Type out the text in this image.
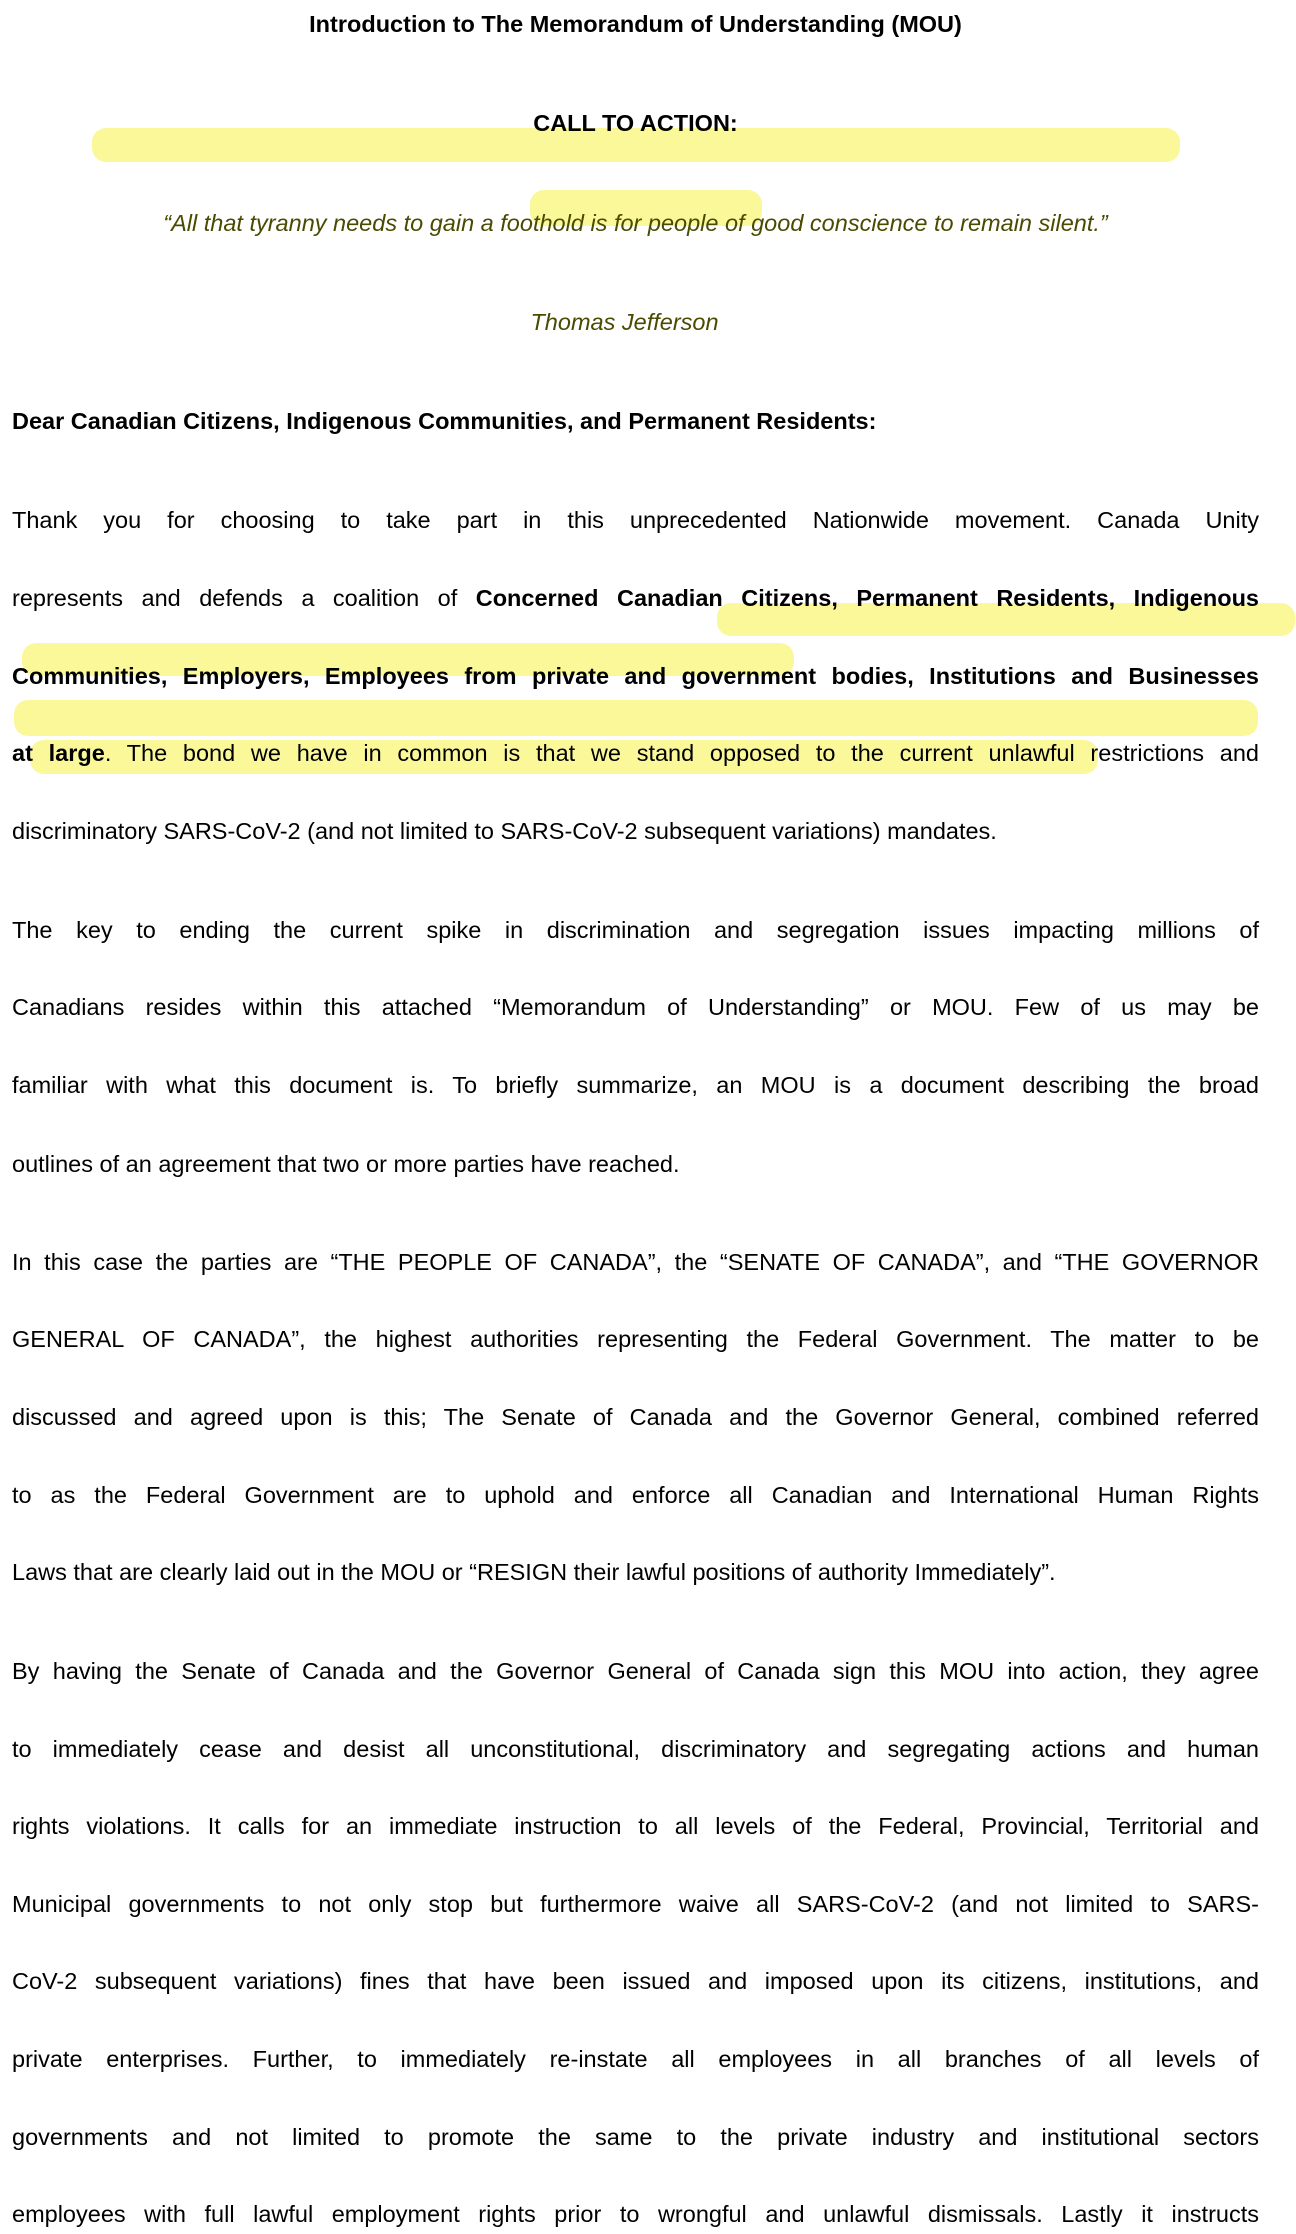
Introduction to The Memorandum of Understanding (MOU)
CALL TO ACTION:
“All that tyranny needs to gain a foothold is for people of good conscience to remain silent.”
Thomas Jefferson
Dear Canadian Citizens, Indigenous Communities, and Permanent Residents:
Thank you for choosing to take part in this unprecedented Nationwide movement. Canada Unity
represents and defends a coalition of Concerned Canadian Citizens, Permanent Residents, Indigenous
Communities, Employers, Employees from private and government bodies, Institutions and Businesses
at large. The bond we have in common is that we stand opposed to the current unlawful restrictions and
discriminatory SARS-CoV-2 (and not limited to SARS-CoV-2 subsequent variations) mandates.
The key to ending the current spike in discrimination and segregation issues impacting millions of
Canadians resides within this attached “Memorandum of Understanding” or MOU. Few of us may be
familiar with what this document is. To briefly summarize, an MOU is a document describing the broad
outlines of an agreement that two or more parties have reached.
In this case the parties are “THE PEOPLE OF CANADA”, the “SENATE OF CANADA”, and “THE GOVERNOR
GENERAL OF CANADA”, the highest authorities representing the Federal Government. The matter to be
discussed and agreed upon is this; The Senate of Canada and the Governor General, combined referred
to as the Federal Government are to uphold and enforce all Canadian and International Human Rights
Laws that are clearly laid out in the MOU or “RESIGN their lawful positions of authority Immediately”.
By having the Senate of Canada and the Governor General of Canada sign this MOU into action, they agree
to immediately cease and desist all unconstitutional, discriminatory and segregating actions and human
rights violations. It calls for an immediate instruction to all levels of the Federal, Provincial, Territorial and
Municipal governments to not only stop but furthermore waive all SARS-CoV-2 (and not limited to SARS-
CoV-2 subsequent variations) fines that have been issued and imposed upon its citizens, institutions, and
private enterprises. Further, to immediately re-instate all employees in all branches of all levels of
governments and not limited to promote the same to the private industry and institutional sectors
employees with full lawful employment rights prior to wrongful and unlawful dismissals. Lastly it instructs
